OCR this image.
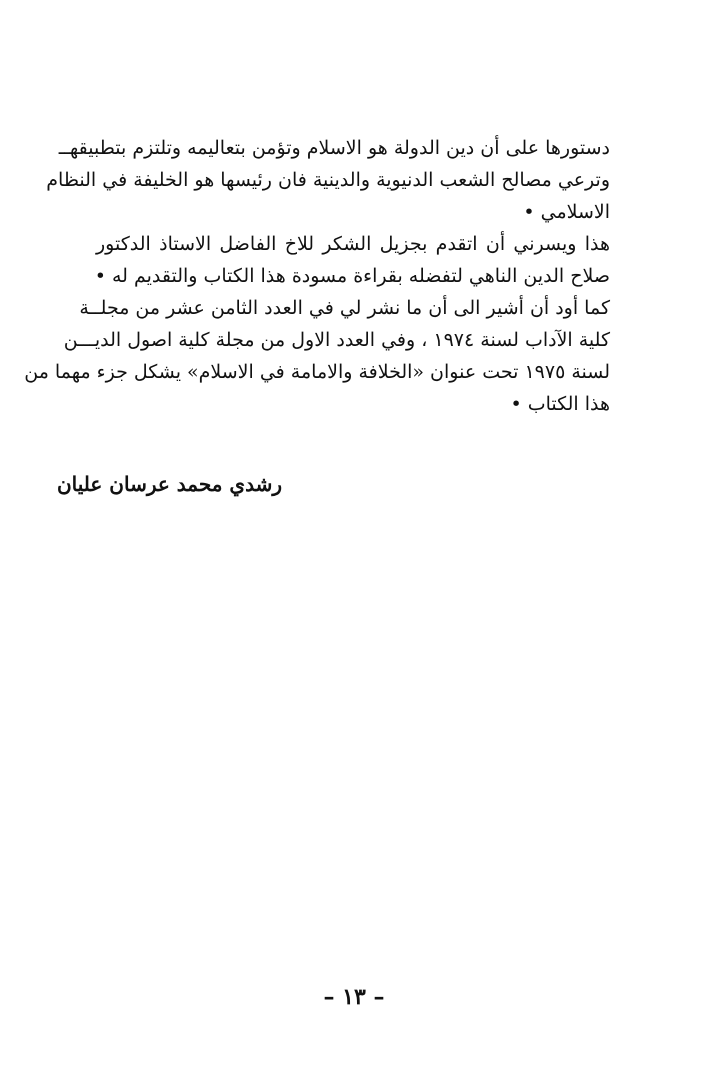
دستورها على أن دين الدولة هو الاسلام وتؤمن بتعاليمه وتلتزم بتطبيقهــ
وترعي مصالح الشعب الدنيوية والدينية فان رئيسها هو الخليفة في النظام
الاسلامي •
هذا ويسرني أن اتقدم بجزيل الشكر للاخ الفاضل الاستاذ الدكتور
صلاح الدين الناهي لتفضله بقراءة مسودة هذا الكتاب والتقديم له •
كما أود أن أشير الى أن ما نشر لي في العدد الثامن عشر من مجلــة
كلية الآداب لسنة ١٩٧٤ ، وفي العدد الاول من مجلة كلية اصول الديـــن
لسنة ١٩٧٥ تحت عنوان «الخلافة والامامة في الاسلام» يشكل جزء مهما من
هذا الكتاب •
رشدي محمد عرسان عليان
– ١٣ –
